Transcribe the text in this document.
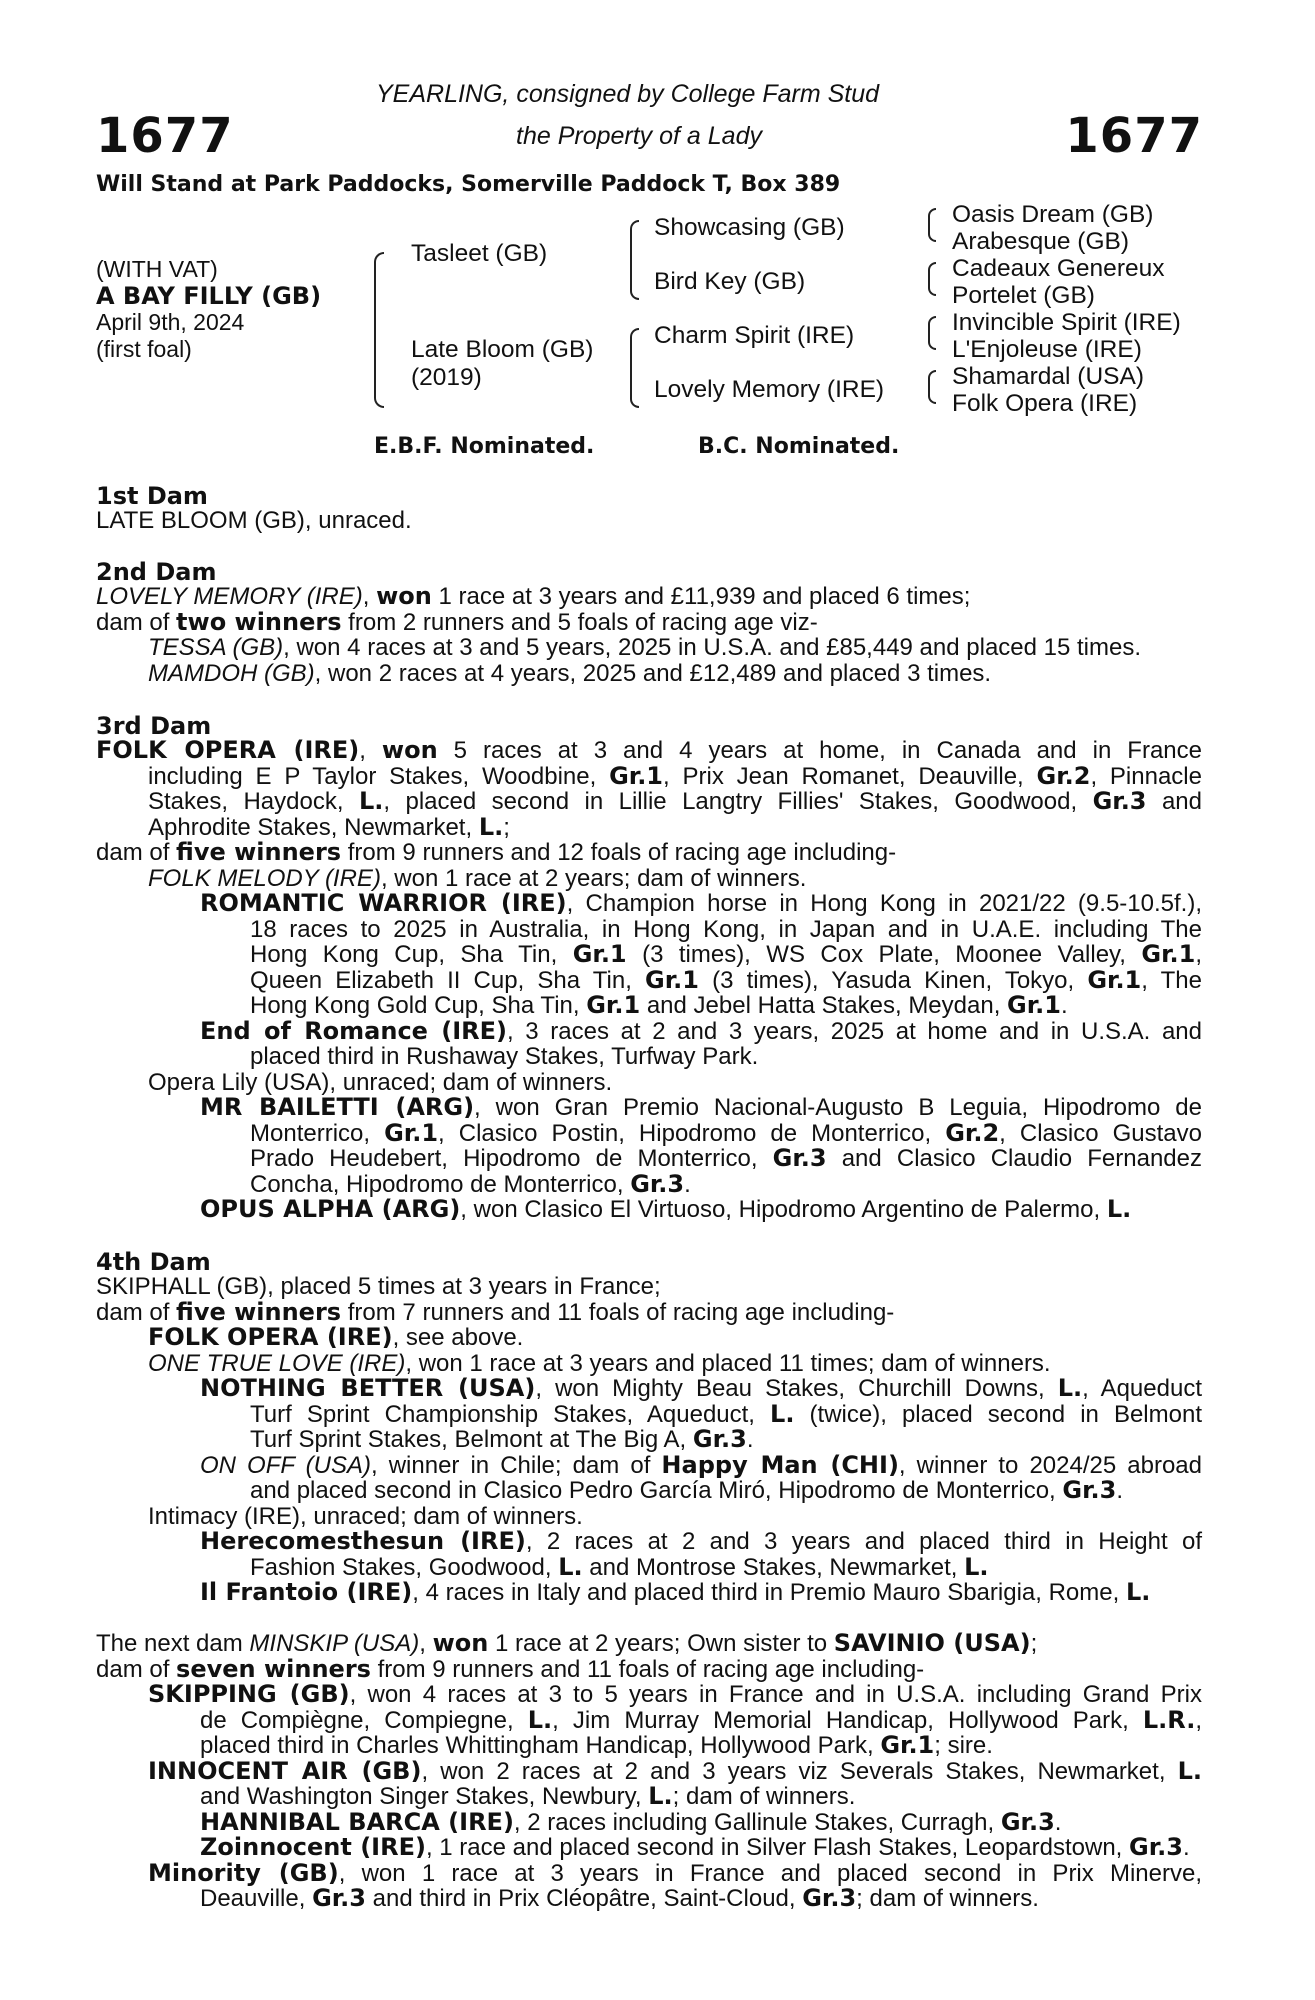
1677	1677
YEARLING, consigned by College Farm Stud
the Property of a Lady
Will Stand at Park Paddocks, Somerville Paddock T, Box 389
(WITH VAT)
A BAY FILLY (GB)
April 9th, 2024
(first foal)
Tasleet (GB)
Late Bloom (GB)
(2019)
Showcasing (GB)
Bird Key (GB)
Charm Spirit (IRE)
Lovely Memory (IRE)
Oasis Dream (GB)
Arabesque (GB)
Cadeaux Genereux
Portelet (GB)
Invincible Spirit (IRE)
L'Enjoleuse (IRE)
Shamardal (USA)
Folk Opera (IRE)
E.B.F. Nominated.	B.C. Nominated.
1st Dam
LATE BLOOM (GB), unraced.
2nd Dam
LOVELY MEMORY (IRE), won 1 race at 3 years and £11,939 and placed 6 times;
dam of two winners from 2 runners and 5 foals of racing age viz-
TESSA (GB), won 4 races at 3 and 5 years, 2025 in U.S.A. and £85,449 and placed 15 times.
MAMDOH (GB), won 2 races at 4 years, 2025 and £12,489 and placed 3 times.
3rd Dam
FOLK OPERA (IRE), won 5 races at 3 and 4 years at home, in Canada and in France
including E P Taylor Stakes, Woodbine, Gr.1, Prix Jean Romanet, Deauville, Gr.2, Pinnacle
Stakes, Haydock, L., placed second in Lillie Langtry Fillies' Stakes, Goodwood, Gr.3 and
Aphrodite Stakes, Newmarket, L.;
dam of five winners from 9 runners and 12 foals of racing age including-
FOLK MELODY (IRE), won 1 race at 2 years; dam of winners.
ROMANTIC WARRIOR (IRE), Champion horse in Hong Kong in 2021/22 (9.5-10.5f.),
18 races to 2025 in Australia, in Hong Kong, in Japan and in U.A.E. including The
Hong Kong Cup, Sha Tin, Gr.1 (3 times), WS Cox Plate, Moonee Valley, Gr.1,
Queen Elizabeth II Cup, Sha Tin, Gr.1 (3 times), Yasuda Kinen, Tokyo, Gr.1, The
Hong Kong Gold Cup, Sha Tin, Gr.1 and Jebel Hatta Stakes, Meydan, Gr.1.
End of Romance (IRE), 3 races at 2 and 3 years, 2025 at home and in U.S.A. and
placed third in Rushaway Stakes, Turfway Park.
Opera Lily (USA), unraced; dam of winners.
MR BAILETTI (ARG), won Gran Premio Nacional-Augusto B Leguia, Hipodromo de
Monterrico, Gr.1, Clasico Postin, Hipodromo de Monterrico, Gr.2, Clasico Gustavo
Prado Heudebert, Hipodromo de Monterrico, Gr.3 and Clasico Claudio Fernandez
Concha, Hipodromo de Monterrico, Gr.3.
OPUS ALPHA (ARG), won Clasico El Virtuoso, Hipodromo Argentino de Palermo, L.
4th Dam
SKIPHALL (GB), placed 5 times at 3 years in France;
dam of five winners from 7 runners and 11 foals of racing age including-
FOLK OPERA (IRE), see above.
ONE TRUE LOVE (IRE), won 1 race at 3 years and placed 11 times; dam of winners.
NOTHING BETTER (USA), won Mighty Beau Stakes, Churchill Downs, L., Aqueduct
Turf Sprint Championship Stakes, Aqueduct, L. (twice), placed second in Belmont
Turf Sprint Stakes, Belmont at The Big A, Gr.3.
ON OFF (USA), winner in Chile; dam of Happy Man (CHI), winner to 2024/25 abroad
and placed second in Clasico Pedro García Miró, Hipodromo de Monterrico, Gr.3.
Intimacy (IRE), unraced; dam of winners.
Herecomesthesun (IRE), 2 races at 2 and 3 years and placed third in Height of
Fashion Stakes, Goodwood, L. and Montrose Stakes, Newmarket, L.
Il Frantoio (IRE), 4 races in Italy and placed third in Premio Mauro Sbarigia, Rome, L.
The next dam MINSKIP (USA), won 1 race at 2 years; Own sister to SAVINIO (USA);
dam of seven winners from 9 runners and 11 foals of racing age including-
SKIPPING (GB), won 4 races at 3 to 5 years in France and in U.S.A. including Grand Prix
de Compiègne, Compiegne, L., Jim Murray Memorial Handicap, Hollywood Park, L.R.,
placed third in Charles Whittingham Handicap, Hollywood Park, Gr.1; sire.
INNOCENT AIR (GB), won 2 races at 2 and 3 years viz Severals Stakes, Newmarket, L.
and Washington Singer Stakes, Newbury, L.; dam of winners.
HANNIBAL BARCA (IRE), 2 races including Gallinule Stakes, Curragh, Gr.3.
Zoinnocent (IRE), 1 race and placed second in Silver Flash Stakes, Leopardstown, Gr.3.
Minority (GB), won 1 race at 3 years in France and placed second in Prix Minerve,
Deauville, Gr.3 and third in Prix Cléopâtre, Saint-Cloud, Gr.3; dam of winners.
